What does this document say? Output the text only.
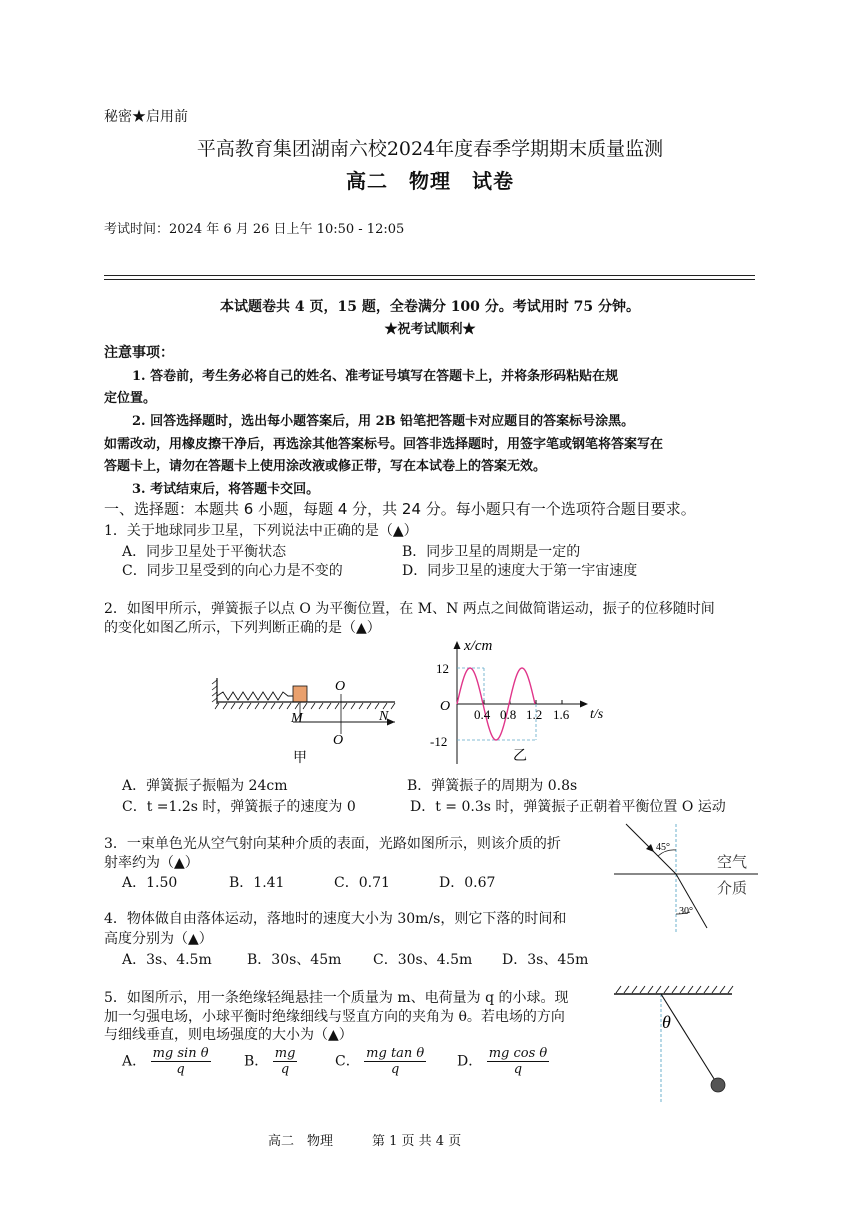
秘密★启用前
平高教育集团湖南六校2024年度春季学期期末质量监测
高二　物理　试卷
考试时间：2024 年 6 月 26 日上午 10:50 - 12:05
本试题卷共 4 页，15 题，全卷满分 100 分。考试用时 75 分钟。
★祝考试顺利★
注意事项：
1. 答卷前，考生务必将自己的姓名、准考证号填写在答题卡上，并将条形码粘贴在规
定位置。
2. 回答选择题时，选出每小题答案后，用 2B 铅笔把答题卡对应题目的答案标号涂黑。
如需改动，用橡皮擦干净后，再选涂其他答案标号。回答非选择题时，用签字笔或钢笔将答案写在
答题卡上，请勿在答题卡上使用涂改液或修正带，写在本试卷上的答案无效。
3. 考试结束后，将答题卡交回。
一、选择题：本题共 6 小题，每题 4 分，共 24 分。每小题只有一个选项符合题目要求。
1．关于地球同步卫星，下列说法中正确的是（▲）
A．同步卫星处于平衡状态	B．同步卫星的周期是一定的
C．同步卫星受到的向心力是不变的	D．同步卫星的速度大于第一宇宙速度
2．如图甲所示，弹簧振子以点 O 为平衡位置，在 M、N 两点之间做简谐运动，振子的位移随时间
的变化如图乙所示，下列判断正确的是（▲）
O
M	N
O
甲
x/cm
t/s
O
12
-12
0.4 0.8 1.2 1.6
乙
A．弹簧振子振幅为 24cm	B．弹簧振子的周期为 0.8s
C．t =1.2s 时，弹簧振子的速度为 0	D．t = 0.3s 时，弹簧振子正朝着平衡位置 O 运动
3．一束单色光从空气射向某种介质的表面，光路如图所示，则该介质的折
射率约为（▲）
A．1.50	B．1.41	C．0.71	D．0.67
45°
30°
空气
介质
4．物体做自由落体运动，落地时的速度大小为 30m/s，则它下落的时间和
高度分别为（▲）
A．3s、4.5m	B．30s、45m C．30s、4.5m D．3s、45m
5．如图所示，用一条绝缘轻绳悬挂一个质量为 m、电荷量为 q 的小球。现
加一匀强电场，小球平衡时绝缘细线与竖直方向的夹角为 θ。若电场的方向
与细线垂直，则电场强度的大小为（▲）
A． $\frac{\text{mg sin θ}}{q}$ B． $\frac{mg}{q}$	C． $\frac{\text{mg tan θ}}{q}$ D． $\frac{\text{mg cos θ}}{q}$
θ
高二　物理　　　第 1 页 共 4 页
